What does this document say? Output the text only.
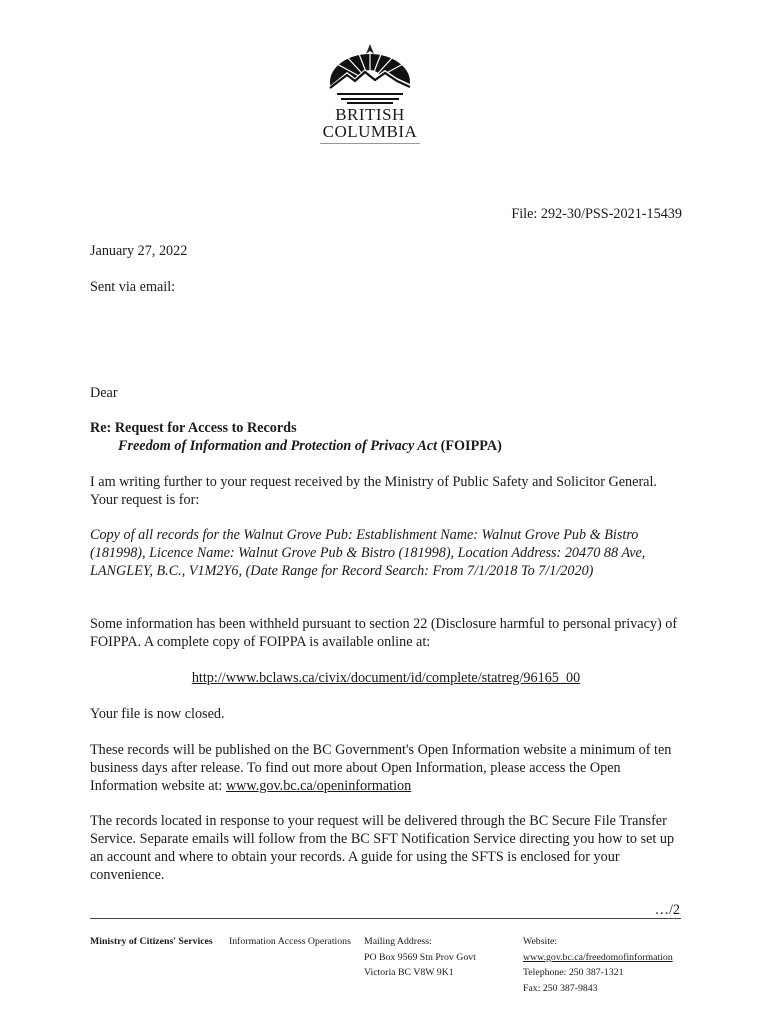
BRITISH
COLUMBIA
File: 292-30/PSS-2021-15439
January 27, 2022
Sent via email:
Dear
Re: Request for Access to Records
Freedom of Information and Protection of Privacy Act (FOIPPA)
I am writing further to your request received by the Ministry of Public Safety and Solicitor General. Your request is for:
Copy of all records for the Walnut Grove Pub: Establishment Name: Walnut Grove Pub & Bistro (181998), Licence Name: Walnut Grove Pub & Bistro (181998), Location Address: 20470 88 Ave, LANGLEY, B.C., V1M2Y6, (Date Range for Record Search: From 7/1/2018 To 7/1/2020)
Some information has been withheld pursuant to section 22 (Disclosure harmful to personal privacy) of FOIPPA. A complete copy of FOIPPA is available online at:
http://www.bclaws.ca/civix/document/id/complete/statreg/96165_00
Your file is now closed.
These records will be published on the BC Government's Open Information website a minimum of ten business days after release. To find out more about Open Information, please access the Open Information website at: www.gov.bc.ca/openinformation
The records located in response to your request will be delivered through the BC Secure File Transfer Service. Separate emails will follow from the BC SFT Notification Service directing you how to set up an account and where to obtain your records. A guide for using the SFTS is enclosed for your convenience.
…/2
Ministry of Citizens' Services Information Access Operations Mailing Address:
PO Box 9569 Stn Prov Govt
Victoria BC V8W 9K1
Website:
www.gov.bc.ca/freedomofinformation
Telephone: 250 387-1321
Fax: 250 387-9843
